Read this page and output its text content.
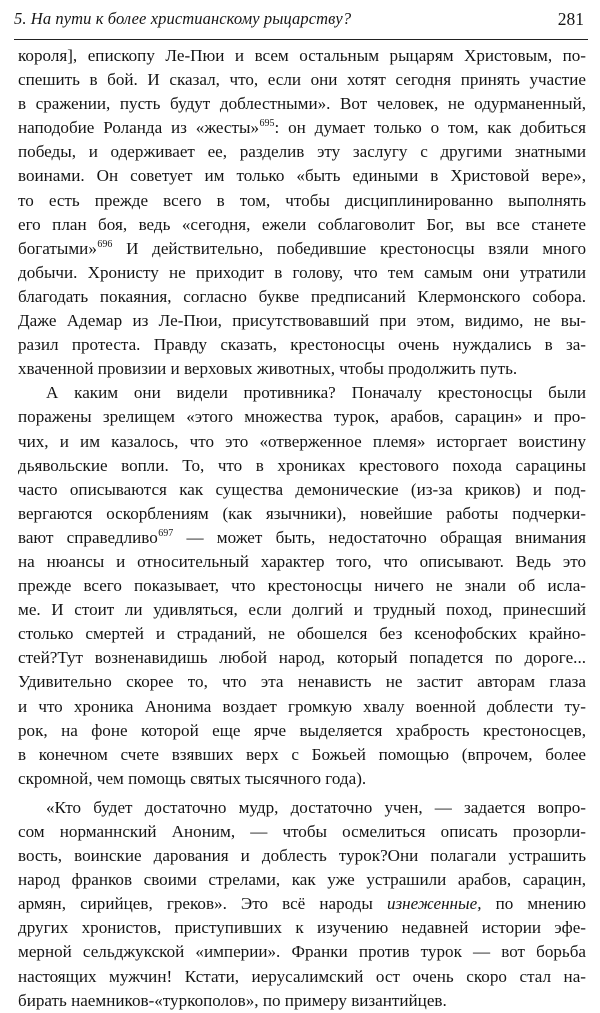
5. На пути к более христианскому рыцарству?	281
короля], епископу Ле-Пюи и всем остальным рыцарям Христовым, по-
спешить в бой. И сказал, что, если они хотят сегодня принять участие
в сражении, пусть будут доблестными». Вот человек, не одурманенный,
наподобие Роланда из «жесты»$^{695}$: он думает только о том, как добиться
победы, и одерживает ее, разделив эту заслугу с другими знатными
воинами. Он советует им только «быть едиными в Христовой вере»,
то есть прежде всего в том, чтобы дисциплинированно выполнять
его план боя, ведь «сегодня, ежели соблаговолит Бог, вы все станете
богатыми»$^{696}$ И действительно, победившие крестоносцы взяли много
добычи. Хронисту не приходит в голову, что тем самым они утратили
благодать покаяния, согласно букве предписаний Клермонского собора.
Даже Адемар из Ле-Пюи, присутствовавший при этом, видимо, не вы-
разил протеста. Правду сказать, крестоносцы очень нуждались в за-
хваченной провизии и верховых животных, чтобы продолжить путь.
А каким они видели противника? Поначалу крестоносцы были
поражены зрелищем «этого множества турок, арабов, сарацин» и про-
чих, и им казалось, что это «отверженное племя» исторгает воистину
дьявольские вопли. То, что в хрониках крестового похода сарацины
часто описываются как существа демонические (из-за криков) и под-
вергаются оскорблениям (как язычники), новейшие работы подчерки-
вают справедливо$^{697}$ — может быть, недостаточно обращая внимания
на нюансы и относительный характер того, что описывают. Ведь это
прежде всего показывает, что крестоносцы ничего не знали об исла-
ме. И стоит ли удивляться, если долгий и трудный поход, принесший
столько смертей и страданий, не обошелся без ксенофобских крайно-
стей?Тут возненавидишь любой народ, который попадется по дороге...
Удивительно скорее то, что эта ненависть не застит авторам глаза
и что хроника Анонима воздает громкую хвалу военной доблести ту-
рок, на фоне которой еще ярче выделяется храбрость крестоносцев,
в конечном счете взявших верх с Божьей помощью (впрочем, более
скромной, чем помощь святых тысячного года).
«Кто будет достаточно мудр, достаточно учен, — задается вопро-
сом норманнский Аноним, — чтобы осмелиться описать прозорли-
вость, воинские дарования и доблесть турок?Они полагали устрашить
народ франков своими стрелами, как уже устрашили арабов, сарацин,
армян, сирийцев, греков». Это всё народы изнеженные, по мнению
других хронистов, приступивших к изучению недавней истории эфе-
мерной сельджукской «империи». Франки против турок — вот борьба
настоящих мужчин! Кстати, иерусалимский ост очень скоро стал на-
бирать наемников-«туркополов», по примеру византийцев.
